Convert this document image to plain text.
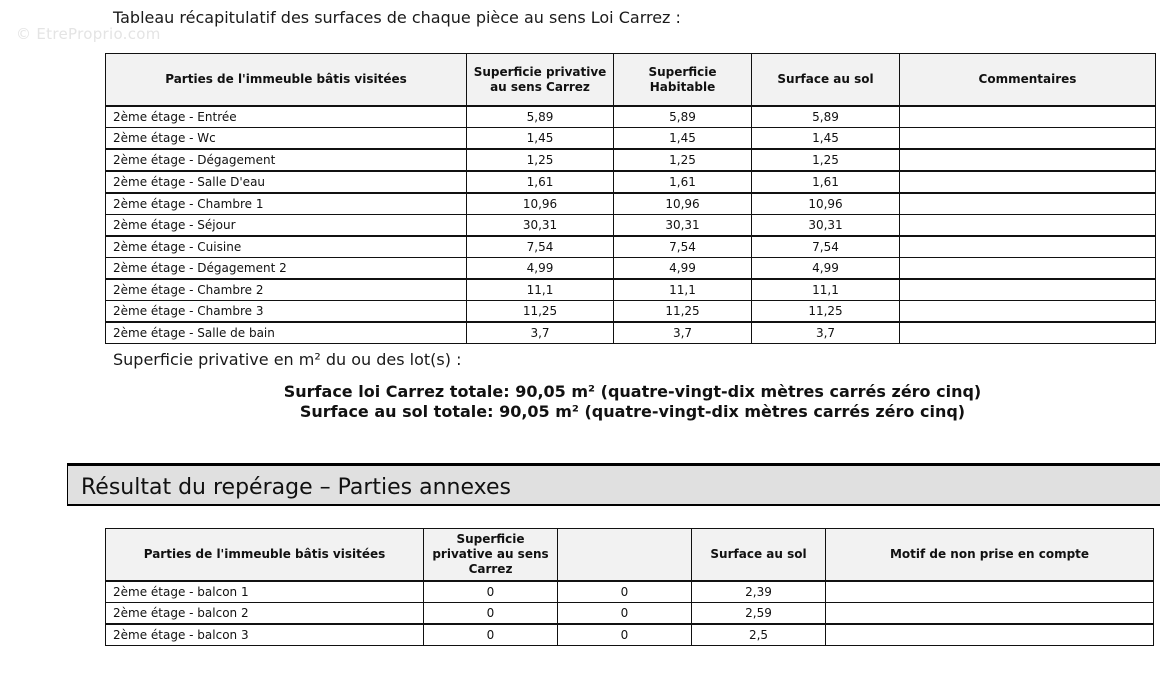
© EtreProprio.com
Tableau récapitulatif des surfaces de chaque pièce au sens Loi Carrez :
Parties de l'immeuble bâtis visitées	Superficie privative au sens Carrez	Superficie Habitable	Surface au sol	Commentaires
2ème étage - Entrée	5,89	5,89	5,89	
2ème étage - Wc	1,45	1,45	1,45	
2ème étage - Dégagement	1,25	1,25	1,25	
2ème étage - Salle D'eau	1,61	1,61	1,61	
2ème étage - Chambre 1	10,96	10,96	10,96	
2ème étage - Séjour	30,31	30,31	30,31	
2ème étage - Cuisine	7,54	7,54	7,54	
2ème étage - Dégagement 2	4,99	4,99	4,99	
2ème étage - Chambre 2	11,1	11,1	11,1	
2ème étage - Chambre 3	11,25	11,25	11,25	
2ème étage - Salle de bain	3,7	3,7	3,7	
Superficie privative en m² du ou des lot(s) :
Surface loi Carrez totale: 90,05 m² (quatre-vingt-dix mètres carrés zéro cinq)
Surface au sol totale: 90,05 m² (quatre-vingt-dix mètres carrés zéro cinq)
Résultat du repérage – Parties annexes
Parties de l'immeuble bâtis visitées	Superficie privative au sens Carrez		Surface au sol	Motif de non prise en compte
2ème étage - balcon 1	0	0	2,39	
2ème étage - balcon 2	0	0	2,59	
2ème étage - balcon 3	0	0	2,5	
